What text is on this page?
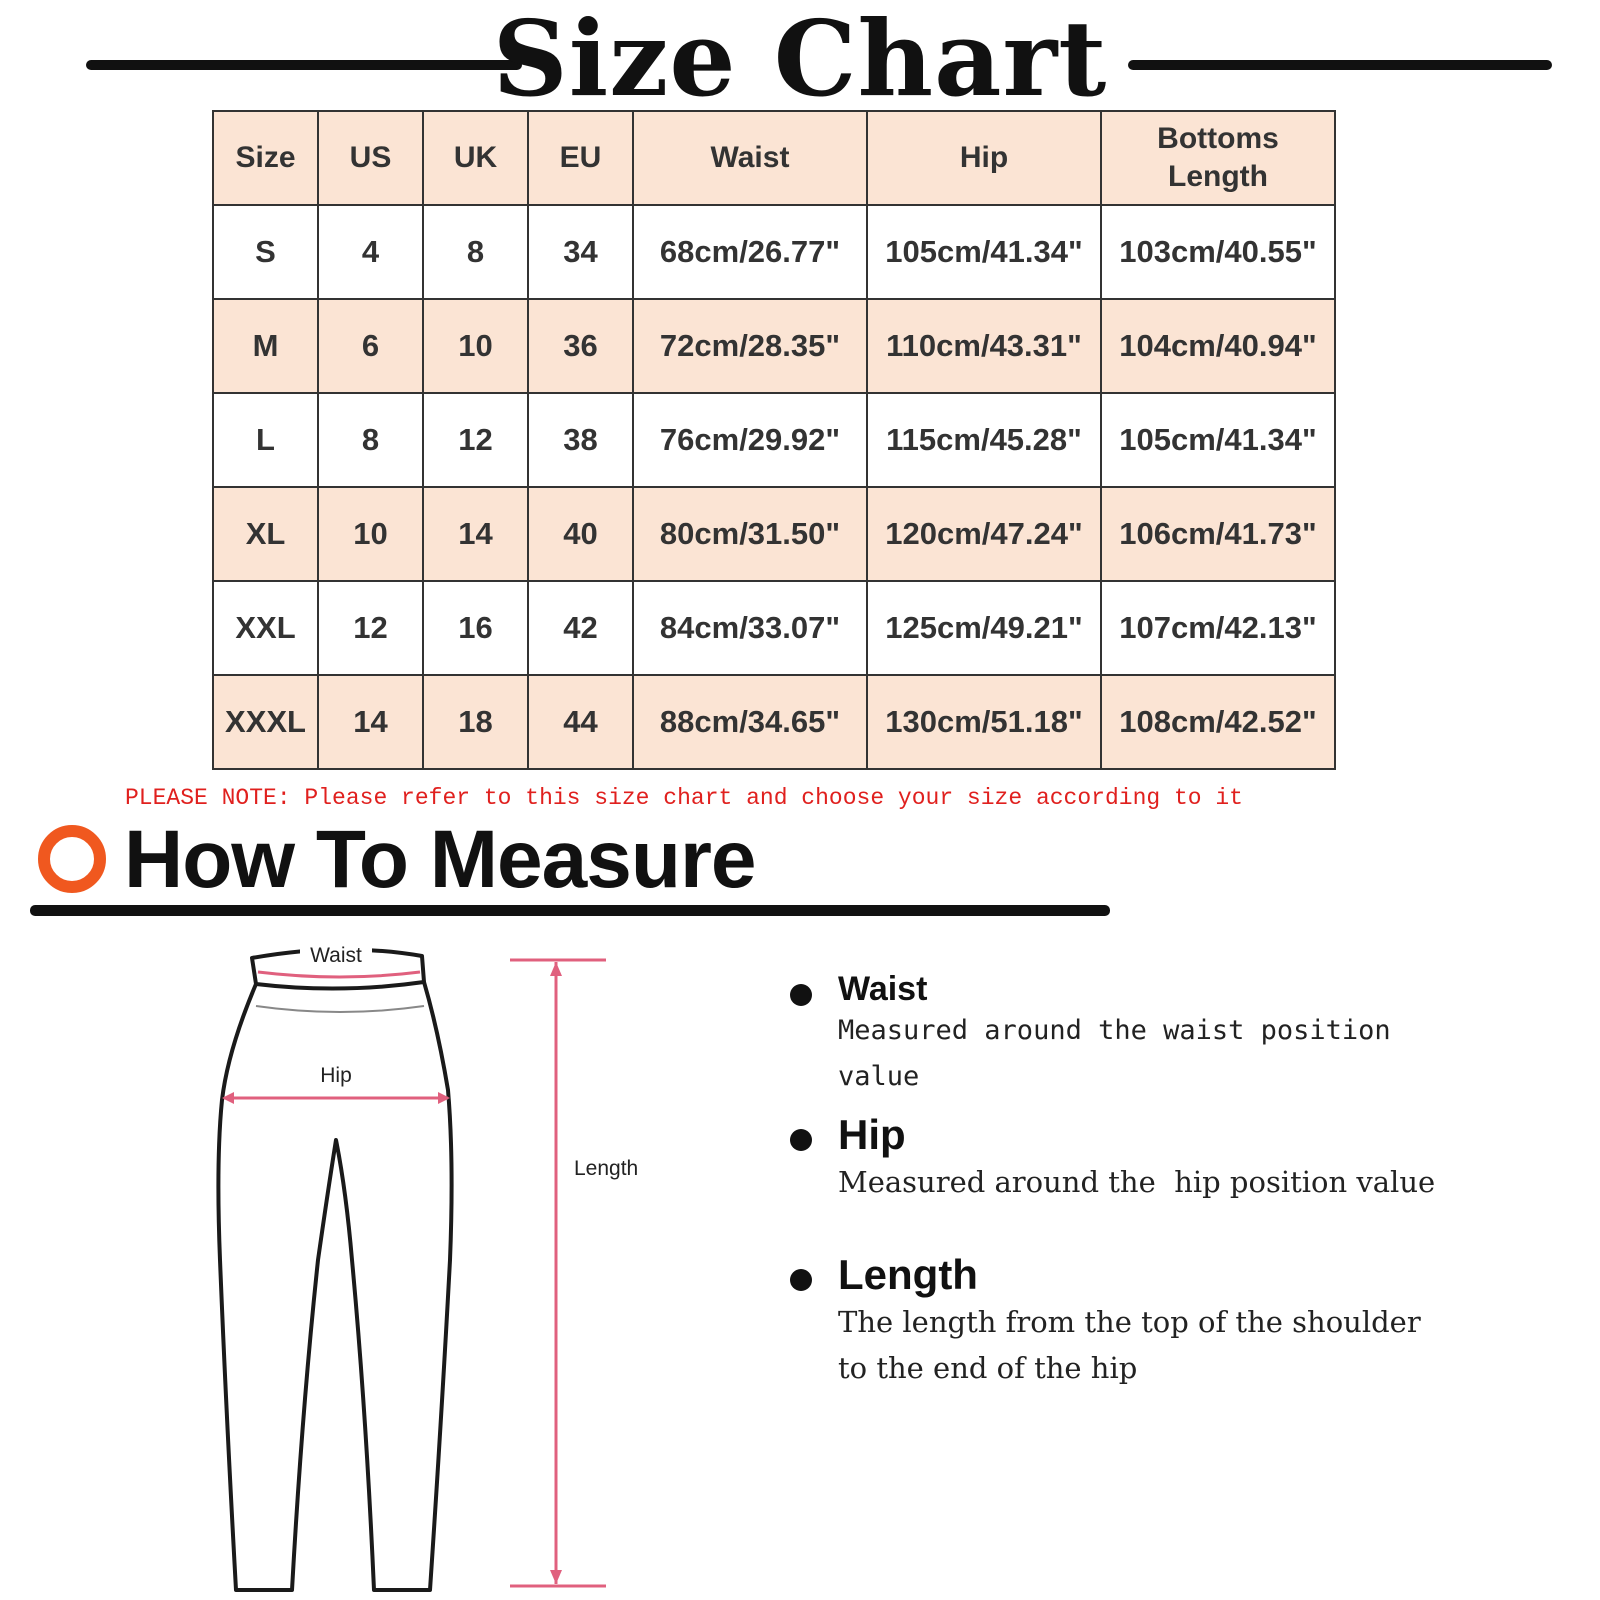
Size Chart
Size	US	UK	EU	Waist	Hip	Bottoms Length
S	4	8	34	68cm/26.77"	105cm/41.34"	103cm/40.55"
M	6	10	36	72cm/28.35"	110cm/43.31"	104cm/40.94"
L	8	12	38	76cm/29.92"	115cm/45.28"	105cm/41.34"
XL	10	14	40	80cm/31.50"	120cm/47.24"	106cm/41.73"
XXL	12	16	42	84cm/33.07"	125cm/49.21"	107cm/42.13"
XXXL	14	18	44	88cm/34.65"	130cm/51.18"	108cm/42.52"
PLEASE NOTE: Please refer to this size chart and choose your size according to it
How To Measure
Waist
Hip
Length
Waist
Measured around the waist position value
Hip
Measured around the  hip position value
Length
The length from the top of the shoulder to the end of the hip
